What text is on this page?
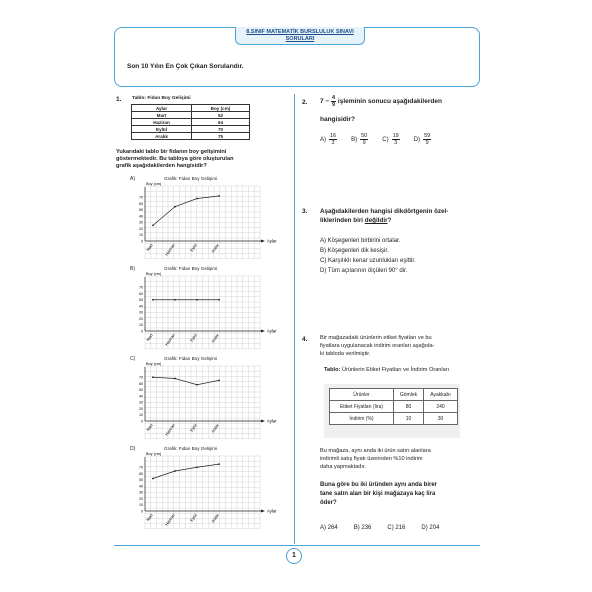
8.SINIF MATEMATİK BURSLULUK SINAVI
SORULARI
Son 10 Yılın En Çok Çıkan Sorularıdır.
1. Tablo: Fidan Boy Gelişimi
Aylar	Boy (cm)
Mart	52
Haziran	64
Eylül	70
Aralık	75
Yukarıdaki tablo bir fidanın boy gelişimini
göstermektedir. Bu tabloya göre oluşturulan
grafik aşağıdakilerden hangisidir?
A)	Grafik: Fidan Boy Gelişimi
Boy (cm)
Aylar
70
60
50
40
30
20
10
0
Mart	Haziran	Eylül	Aralık
B)	Grafik: Fidan Boy Gelişimi
Boy (cm)
Aylar
70
60
50
40
30
20
10
0
Mart	Haziran	Eylül	Aralık
C)	Grafik: Fidan Boy Gelişimi
Boy (cm)
Aylar
70
60
50
40
30
20
10
0
Mart	Haziran	Eylül	Aralık
D)	Grafik: Fidan Boy Gelişimi
Boy (cm)
Aylar
70
60
50
40
30
20
10
0
Mart	Haziran	Eylül	Aralık
2. $7 - \frac{4}{9}$ işleminin sonucu aşağıdakilerden
hangisidir?
$A) \frac{16}{3} B) \frac{50}{9} C) \frac{19}{3} D) \frac{59}{9}$
3. Aşağıdakilerden hangisi dikdörtgenin özel-
liklerinden biri değildir?
A) Köşegenleri birbirini ortalar.
B) Köşegenleri dik kesişir.
C) Karşılıklı kenar uzunlukları eşittir.
D) Tüm açılarının ölçüleri 90° dir.
4. Bir mağazadaki ürünlerin etiket fiyatları ve bu
fiyatlara uygulanacak indirim oranları aşağıda-
ki tabloda verilmiştir.
Tablo: Ürünlerin Etiket Fiyatları ve İndirim Oranları
Ürünler	Gömlek	Ayakkabı
Etiket Fiyatları (lira)	80	240
İndirim (%)	10	30
Bu mağaza, aynı anda iki ürün satın alanlara
indirimli satış fiyatı üzerinden %10 indirim
daha yapmaktadır.
Buna göre bu iki üründen aynı anda birer
tane satın alan bir kişi mağazaya kaç lira
öder?
A) 264	B) 236	C) 216	D) 204
1
